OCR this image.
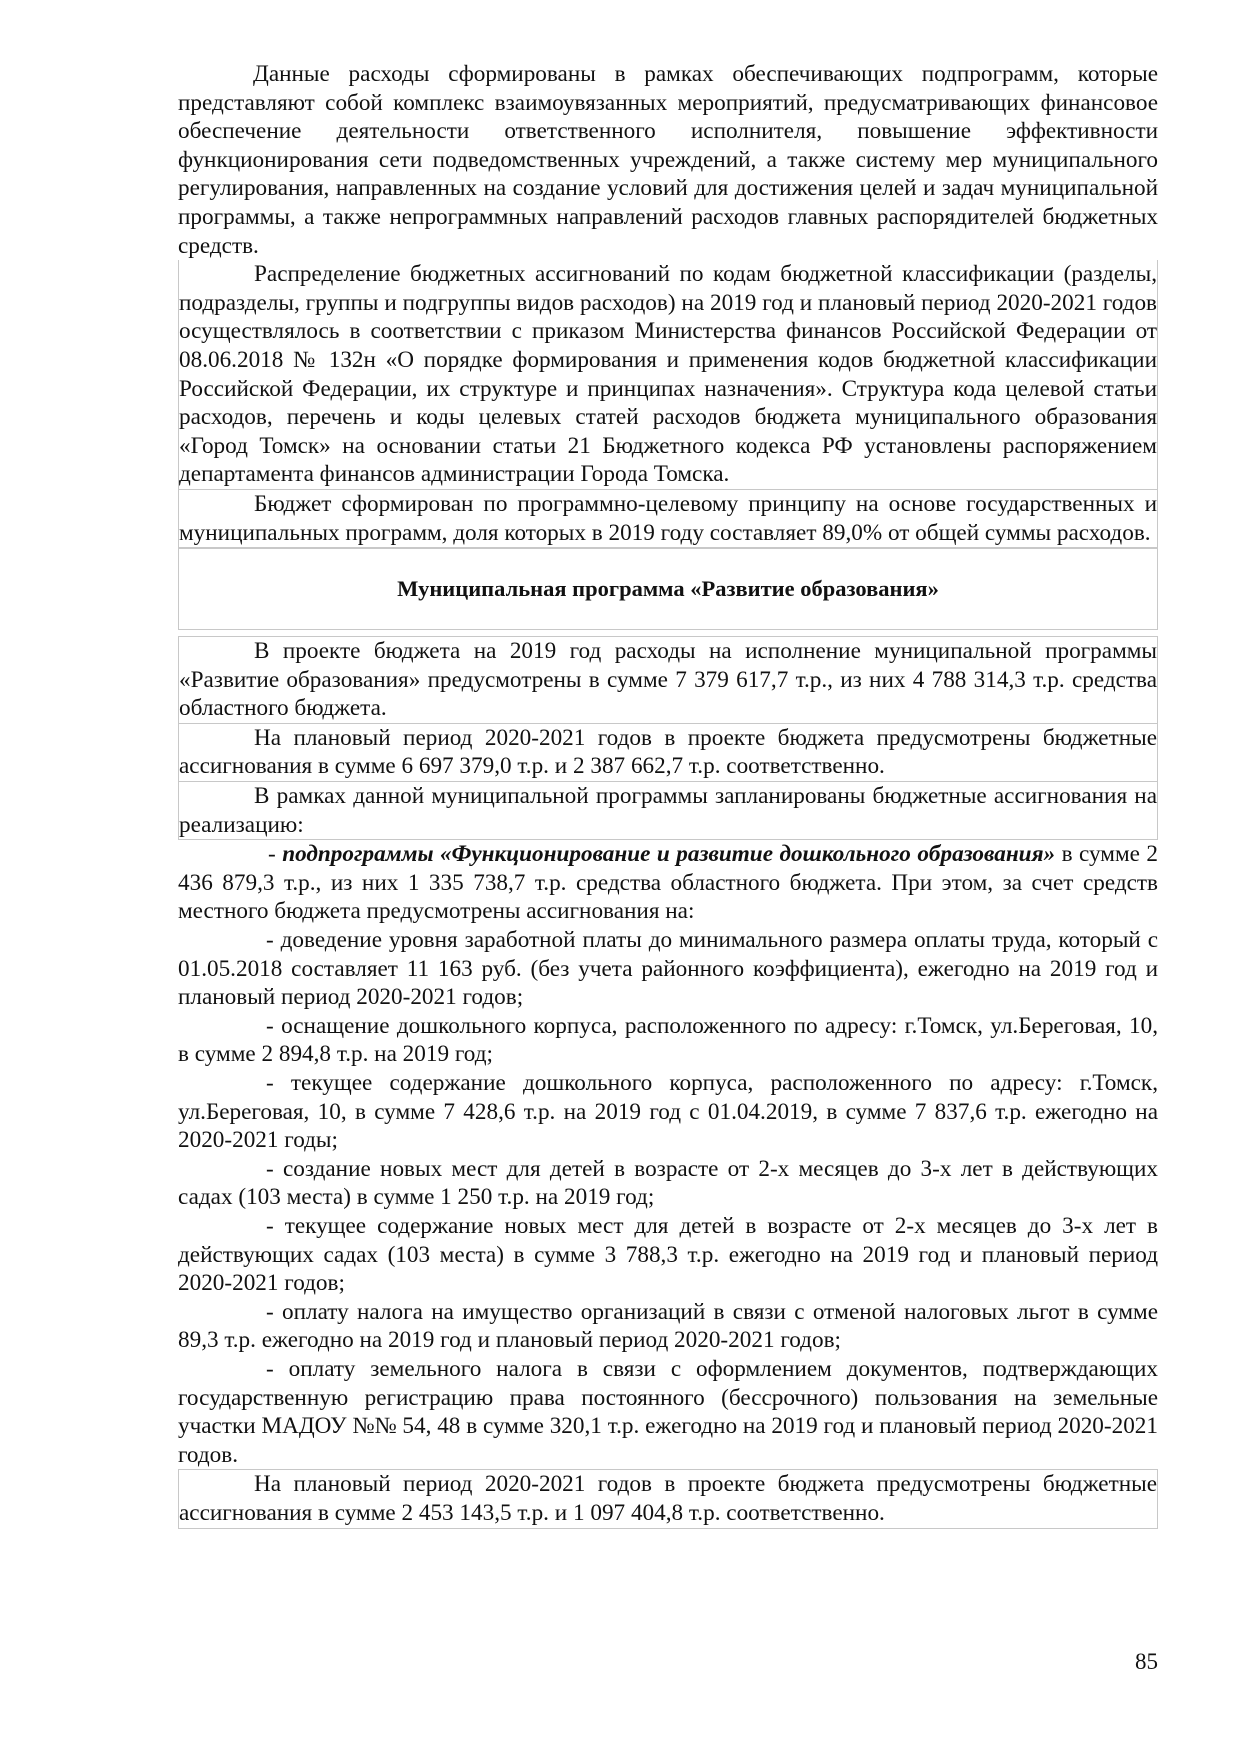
Данные расходы сформированы в рамках обеспечивающих подпрограмм, которые представляют собой комплекс взаимоувязанных мероприятий, предусматривающих финансовое обеспечение деятельности ответственного исполнителя, повышение эффективности функционирования сети подведомственных учреждений, а также систему мер муниципального регулирования, направленных на создание условий для достижения целей и задач муниципальной программы, а также непрограммных направлений расходов главных распорядителей бюджетных средств.

Распределение бюджетных ассигнований по кодам бюджетной классификации (разделы, подразделы, группы и подгруппы видов расходов) на 2019 год и плановый период 2020-2021 годов осуществлялось в соответствии с приказом Министерства финансов Российской Федерации от 08.06.2018 № 132н «О порядке формирования и применения кодов бюджетной классификации Российской Федерации, их структуре и принципах назначения». Структура кода целевой статьи расходов, перечень и коды целевых статей расходов бюджета муниципального образования «Город Томск» на основании статьи 21 Бюджетного кодекса РФ установлены распоряжением департамента финансов администрации Города Томска.

Бюджет сформирован по программно-целевому принципу на основе государственных и муниципальных программ, доля которых в 2019 году составляет 89,0% от общей суммы расходов.

Муниципальная программа «Развитие образования»

В проекте бюджета на 2019 год расходы на исполнение муниципальной программы «Развитие образования» предусмотрены в сумме 7 379 617,7 т.р., из них 4 788 314,3 т.р. средства областного бюджета.

На плановый период 2020-2021 годов в проекте бюджета предусмотрены бюджетные ассигнования в сумме 6 697 379,0 т.р. и 2 387 662,7 т.р. соответственно.

В рамках данной муниципальной программы запланированы бюджетные ассигнования на реализацию:

- подпрограммы «Функционирование и развитие дошкольного образования» в сумме 2 436 879,3 т.р., из них 1 335 738,7 т.р. средства областного бюджета. При этом, за счет средств местного бюджета предусмотрены ассигнования на:

- доведение уровня заработной платы до минимального размера оплаты труда, который с 01.05.2018 составляет 11 163 руб. (без учета районного коэффициента), ежегодно на 2019 год и плановый период 2020-2021 годов;

- оснащение дошкольного корпуса, расположенного по адресу: г.Томск, ул.Береговая, 10, в сумме 2 894,8 т.р. на 2019 год;

- текущее содержание дошкольного корпуса, расположенного по адресу: г.Томск, ул.Береговая, 10, в сумме 7 428,6 т.р. на 2019 год с 01.04.2019, в сумме 7 837,6 т.р. ежегодно на 2020-2021 годы;

- создание новых мест для детей в возрасте от 2-х месяцев до 3-х лет в действующих садах (103 места) в сумме 1 250 т.р. на 2019 год;

- текущее содержание новых мест для детей в возрасте от 2-х месяцев до 3-х лет в действующих садах (103 места) в сумме 3 788,3 т.р. ежегодно на 2019 год и плановый период 2020-2021 годов;

- оплату налога на имущество организаций в связи с отменой налоговых льгот в сумме 89,3 т.р. ежегодно на 2019 год и плановый период 2020-2021 годов;

- оплату земельного налога в связи с оформлением документов, подтверждающих государственную регистрацию права постоянного (бессрочного) пользования на земельные участки МАДОУ №№ 54, 48 в сумме 320,1 т.р. ежегодно на 2019 год и плановый период 2020-2021 годов.

На плановый период 2020-2021 годов в проекте бюджета предусмотрены бюджетные ассигнования в сумме 2 453 143,5 т.р. и 1 097 404,8 т.р. соответственно.

85
